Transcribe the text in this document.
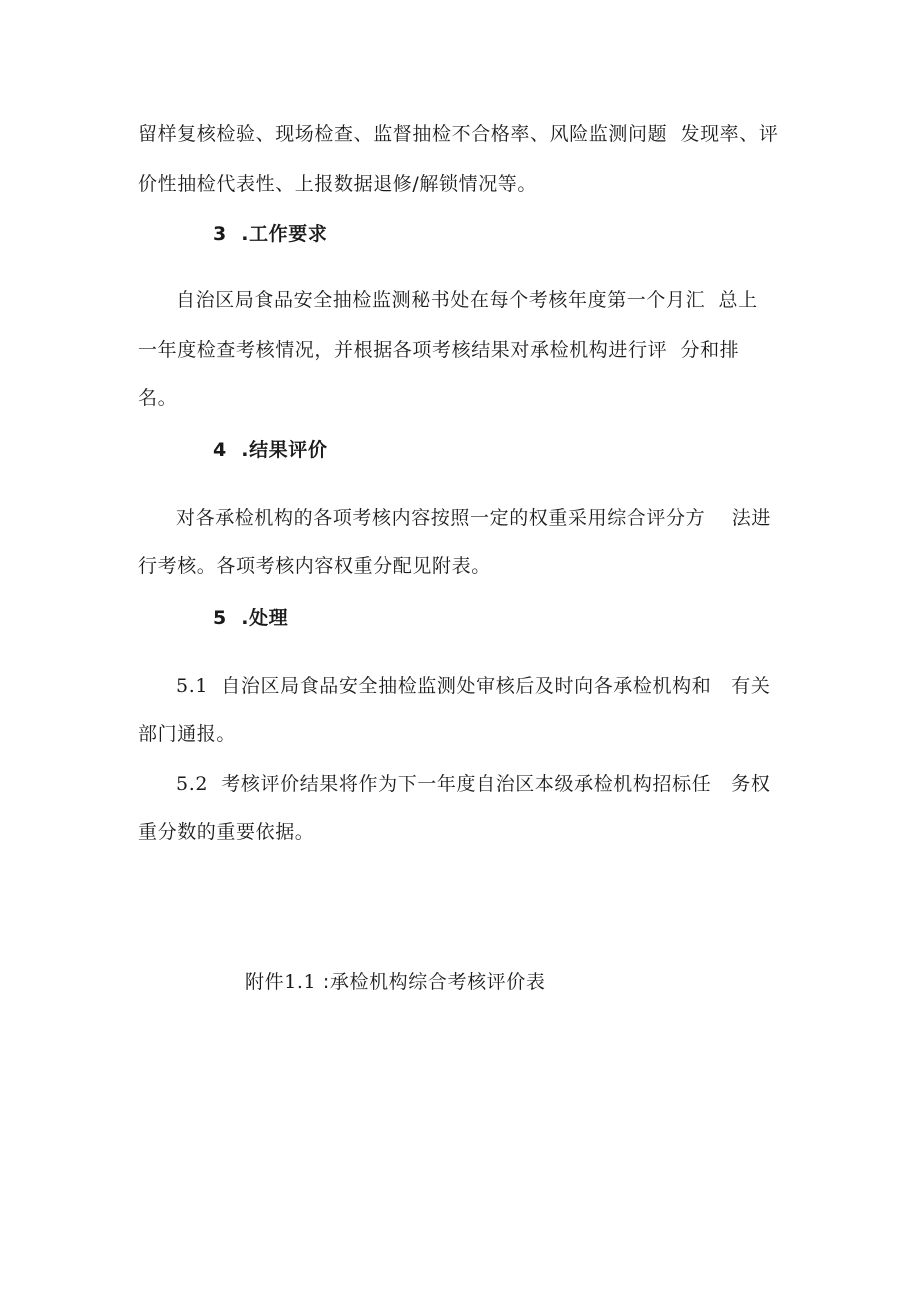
留样复核检验、现场检查、监督抽检不合格率、风险监测问题  发现率、评
价性抽检代表性、上报数据退修/解锁情况等。
3  .工作要求
自治区局食品安全抽检监测秘书处在每个考核年度第一个月汇  总上
一年度检查考核情况，并根据各项考核结果对承检机构进行评  分和排
名。
4  .结果评价
对各承检机构的各项考核内容按照一定的权重采用综合评分方    法进
行考核。各项考核内容权重分配见附表。
5  .处理
5.1  自治区局食品安全抽检监测处审核后及时向各承检机构和   有关
部门通报。
5.2  考核评价结果将作为下一年度自治区本级承检机构招标任   务权
重分数的重要依据。
附件1.1 :承检机构综合考核评价表
